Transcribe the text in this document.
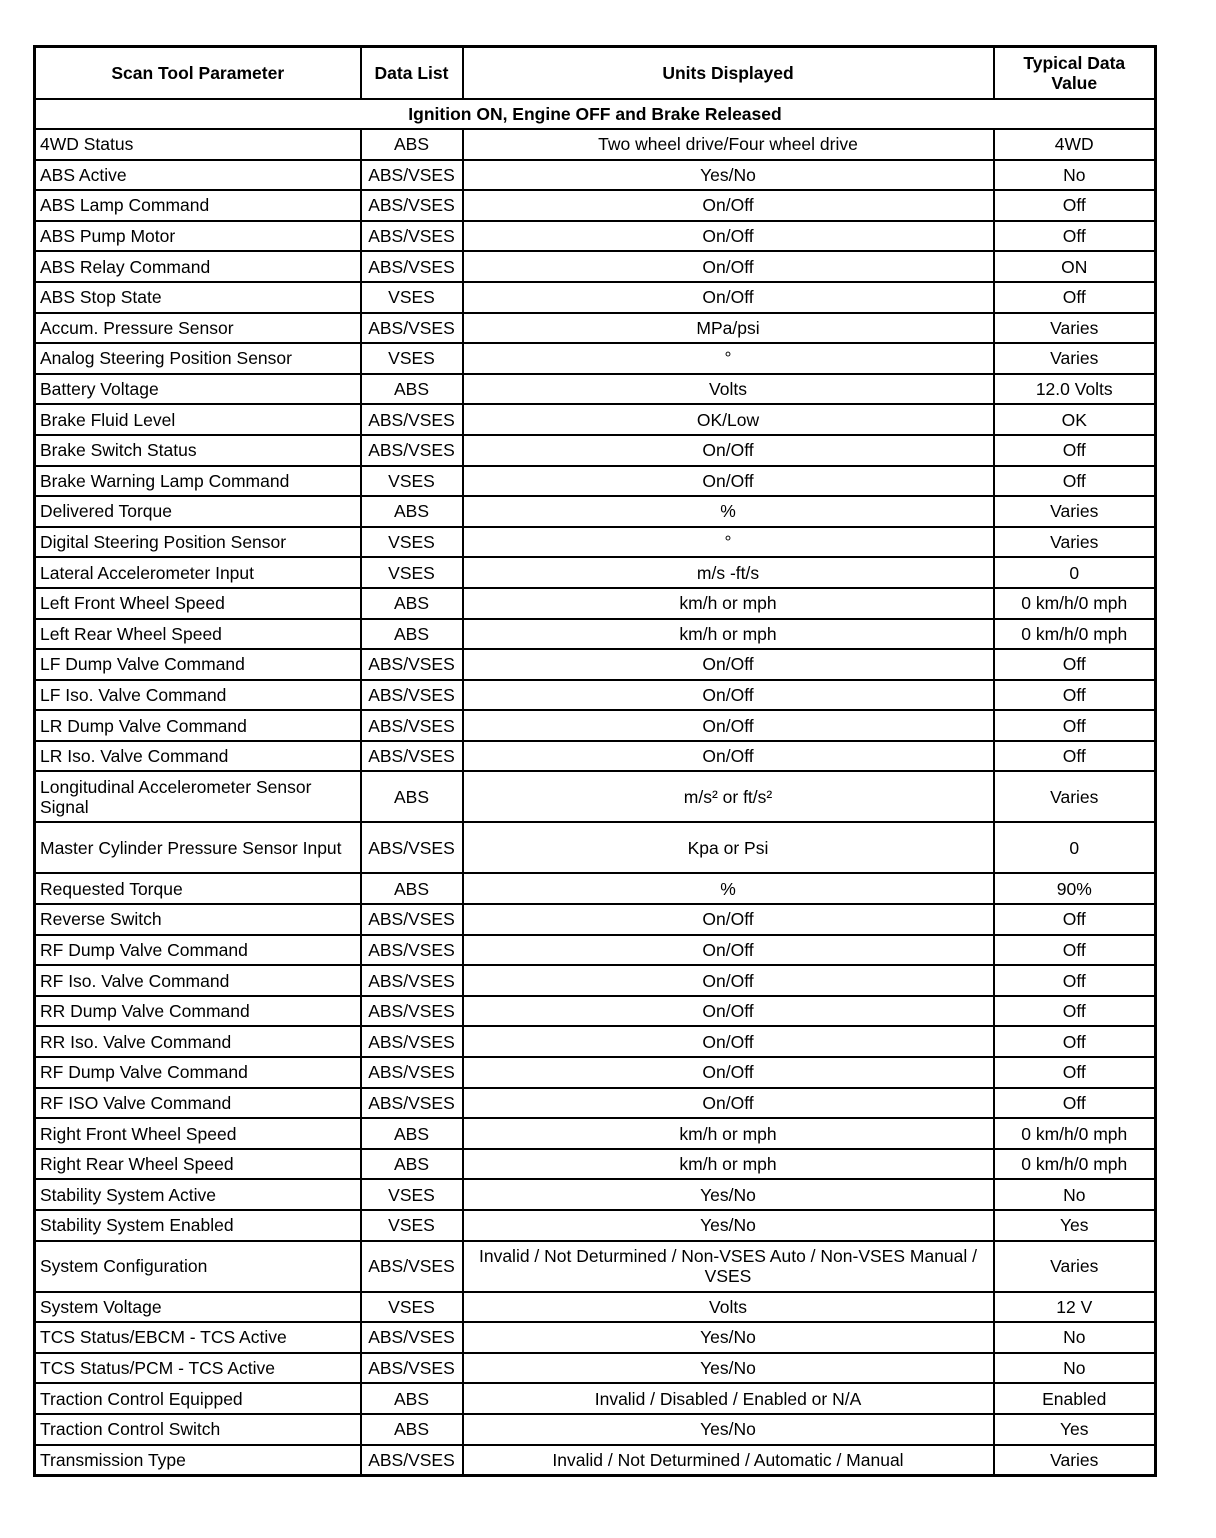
Scan Tool Parameter	Data List	Units Displayed	Typical Data Value
Ignition ON, Engine OFF and Brake Released			
4WD Status	ABS	Two wheel drive/Four wheel drive	4WD
ABS Active	ABS/VSES	Yes/No	No
ABS Lamp Command	ABS/VSES	On/Off	Off
ABS Pump Motor	ABS/VSES	On/Off	Off
ABS Relay Command	ABS/VSES	On/Off	ON
ABS Stop State	VSES	On/Off	Off
Accum. Pressure Sensor	ABS/VSES	MPa/psi	Varies
Analog Steering Position Sensor	VSES	°	Varies
Battery Voltage	ABS	Volts	12.0 Volts
Brake Fluid Level	ABS/VSES	OK/Low	OK
Brake Switch Status	ABS/VSES	On/Off	Off
Brake Warning Lamp Command	VSES	On/Off	Off
Delivered Torque	ABS	%	Varies
Digital Steering Position Sensor	VSES	°	Varies
Lateral Accelerometer Input	VSES	m/s -ft/s	0
Left Front Wheel Speed	ABS	km/h or mph	0 km/h/0 mph
Left Rear Wheel Speed	ABS	km/h or mph	0 km/h/0 mph
LF Dump Valve Command	ABS/VSES	On/Off	Off
LF Iso. Valve Command	ABS/VSES	On/Off	Off
LR Dump Valve Command	ABS/VSES	On/Off	Off
LR Iso. Valve Command	ABS/VSES	On/Off	Off
Longitudinal Accelerometer Sensor Signal	ABS	m/s² or ft/s²	Varies
Master Cylinder Pressure Sensor Input	ABS/VSES	Kpa or Psi	0
Requested Torque	ABS	%	90%
Reverse Switch	ABS/VSES	On/Off	Off
RF Dump Valve Command	ABS/VSES	On/Off	Off
RF Iso. Valve Command	ABS/VSES	On/Off	Off
RR Dump Valve Command	ABS/VSES	On/Off	Off
RR Iso. Valve Command	ABS/VSES	On/Off	Off
RF Dump Valve Command	ABS/VSES	On/Off	Off
RF ISO Valve Command	ABS/VSES	On/Off	Off
Right Front Wheel Speed	ABS	km/h or mph	0 km/h/0 mph
Right Rear Wheel Speed	ABS	km/h or mph	0 km/h/0 mph
Stability System Active	VSES	Yes/No	No
Stability System Enabled	VSES	Yes/No	Yes
System Configuration	ABS/VSES	Invalid / Not Deturmined / Non-VSES Auto / Non-VSES Manual / VSES	Varies
System Voltage	VSES	Volts	12 V
TCS Status/EBCM - TCS Active	ABS/VSES	Yes/No	No
TCS Status/PCM - TCS Active	ABS/VSES	Yes/No	No
Traction Control Equipped	ABS	Invalid / Disabled / Enabled or N/A	Enabled
Traction Control Switch	ABS	Yes/No	Yes
Transmission Type	ABS/VSES	Invalid / Not Deturmined / Automatic / Manual	Varies
